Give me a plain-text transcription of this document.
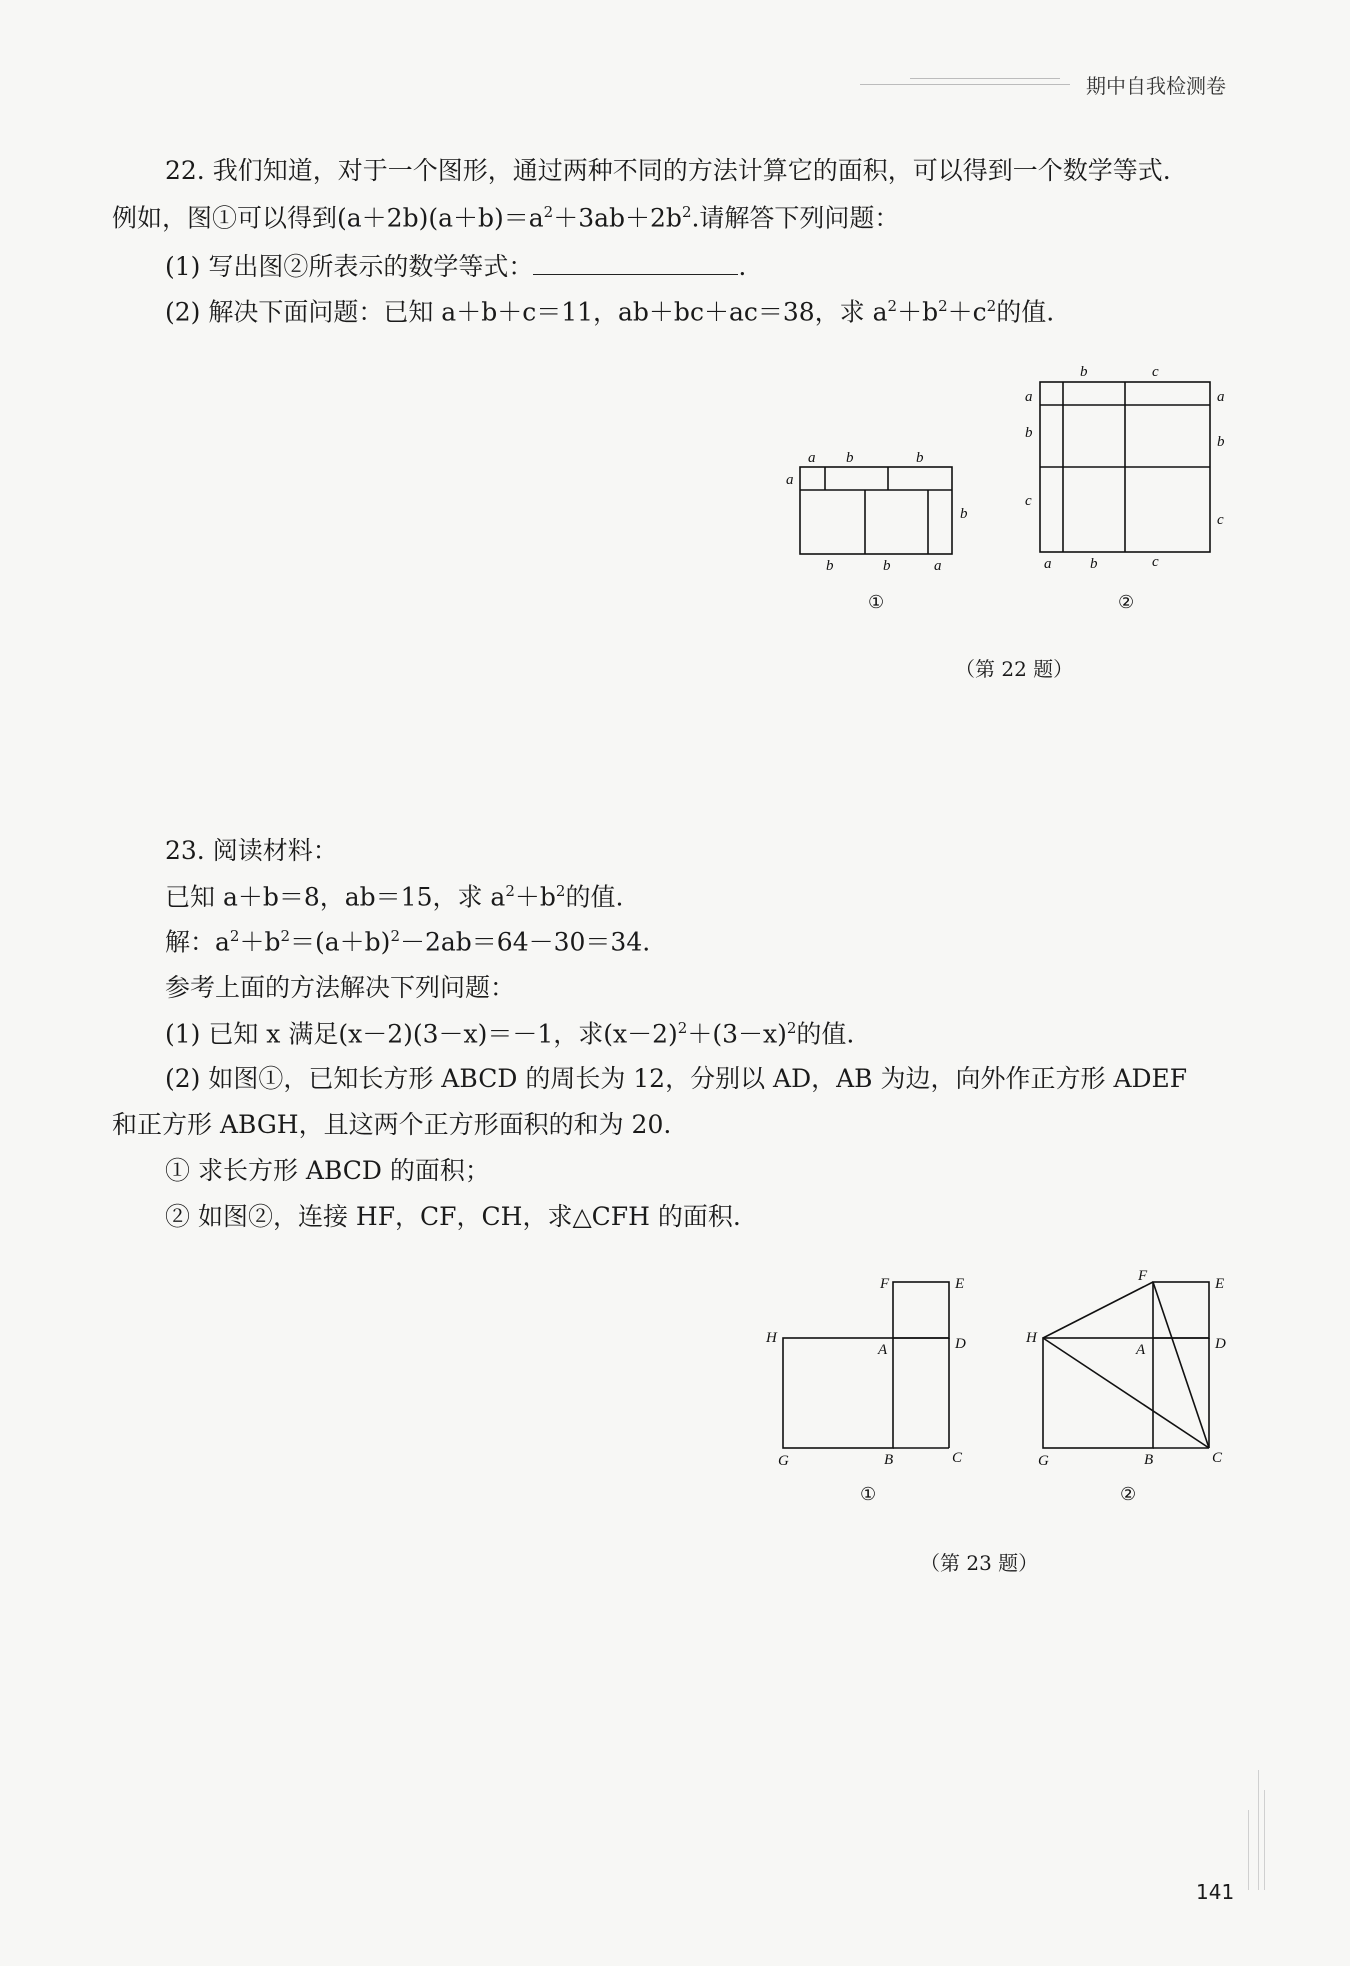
期中自我检测卷
22. 我们知道，对于一个图形，通过两种不同的方法计算它的面积，可以得到一个数学等式.
例如，图①可以得到$(a+2b)(a+b)=a^2+3ab+2b^2$.请解答下列问题：
(1) 写出图②所表示的数学等式：	.
(2) 解决下面问题：已知 a＋b＋c＝11，ab＋bc＋ac＝38，求 $a^2+b^2+c^2$的值.
a b	b
a
b
b	b	a
①
b	c
a
b
c
a
b
c
a	b	c
②
F	E
H
A	D
G	B	C
①
F	E
H
A	D
G	B	C
②
（第 22 题）
23. 阅读材料：
已知 a＋b＝8，ab＝15，求 $a^2+b^2$的值.
解：$a^2+b^2=(a+b)^2-2ab=64-30=34$.
参考上面的方法解决下列问题：
(1) 已知 x 满足(x－2)(3－x)＝－1，求$(x-2)^2+(3-x)^2$的值.
(2) 如图①，已知长方形 ABCD 的周长为 12，分别以 AD，AB 为边，向外作正方形 ADEF
和正方形 ABGH，且这两个正方形面积的和为 20.
① 求长方形 ABCD 的面积；
② 如图②，连接 HF，CF，CH，求△CFH 的面积.
（第 23 题）
141
